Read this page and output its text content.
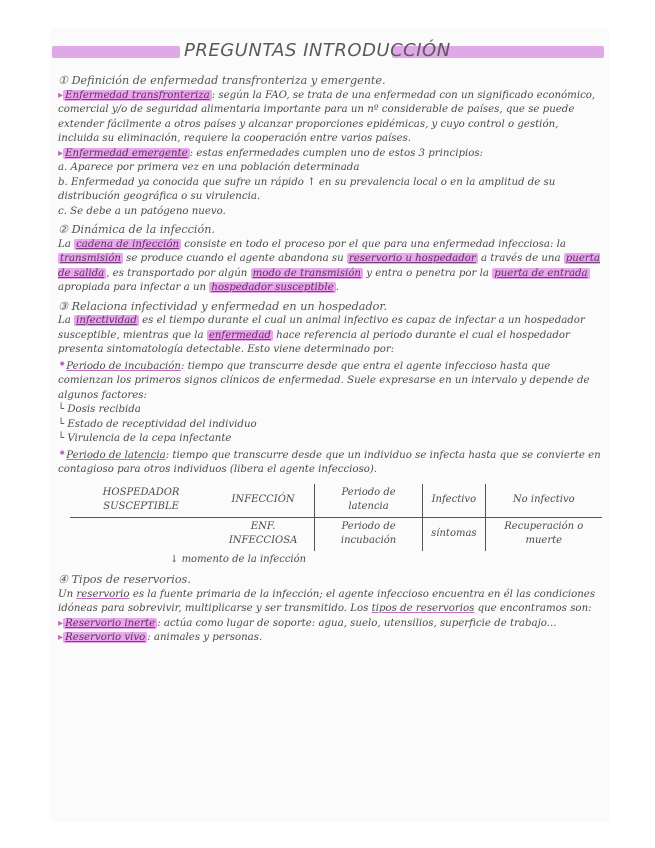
PREGUNTAS INTRODUCCIÓN

① Definición de enfermedad transfronteriza y emergente.

▸ Enfermedad transfronteriza : según la FAO, se trata de una enfermedad con un significado económico, comercial y/o de seguridad alimentaria importante para un nº considerable de países, que se puede extender fácilmente a otros países y alcanzar proporciones epidémicas, y cuyo control o gestión, incluida su eliminación, requiere la cooperación entre varios países.

▸ Enfermedad emergente : estas enfermedades cumplen uno de estos 3 principios:

a. Aparece por primera vez en una población determinada

b. Enfermedad ya conocida que sufre un rápido ↑ en su prevalencia local o en la amplitud de su distribución geográfica o su virulencia.

c. Se debe a un patógeno nuevo.

② Dinámica de la infección.

La cadena de infección consiste en todo el proceso por el que para una enfermedad infecciosa: la transmisión se produce cuando el agente abandona su reservorio u hospedador a través de una puerta de salida , es transportado por algún modo de transmisión y entra o penetra por la puerta de entrada apropiada para infectar a un hospedador susceptible .

③ Relaciona infectividad y enfermedad en un hospedador.

La infectividad es el tiempo durante el cual un animal infectivo es capaz de infectar a un hospedador susceptible, mientras que la enfermedad hace referencia al periodo durante el cual el hospedador presenta sintomatología detectable. Esto viene determinado por:

• Periodo de incubación: tiempo que transcurre desde que entra el agente infeccioso hasta que comienzan los primeros signos clínicos de enfermedad. Suele expresarse en un intervalo y depende de algunos factores:

└ Dosis recibida

└ Estado de receptividad del individuo

└ Virulencia de la cepa infectante

• Periodo de latencia: tiempo que transcurre desde que un individuo se infecta hasta que se convierte en contagioso para otros individuos (libera el agente infeccioso).

HOSPEDADOR SUSCEPTIBLE	INFECCIÓN	Periodo de latencia	Infectivo	No infectivo
	ENF. INFECCIOSA	Periodo de incubación	síntomas	Recuperación o muerte
↓ momento de la infección				

④ Tipos de reservorios.

Un reservorio es la fuente primaria de la infección; el agente infeccioso encuentra en él las condiciones idóneas para sobrevivir, multiplicarse y ser transmitido. Los tipos de reservorios que encontramos son:

▸ Reservorio inerte : actúa como lugar de soporte: agua, suelo, utensilios, superficie de trabajo...

▸ Reservorio vivo : animales y personas.
